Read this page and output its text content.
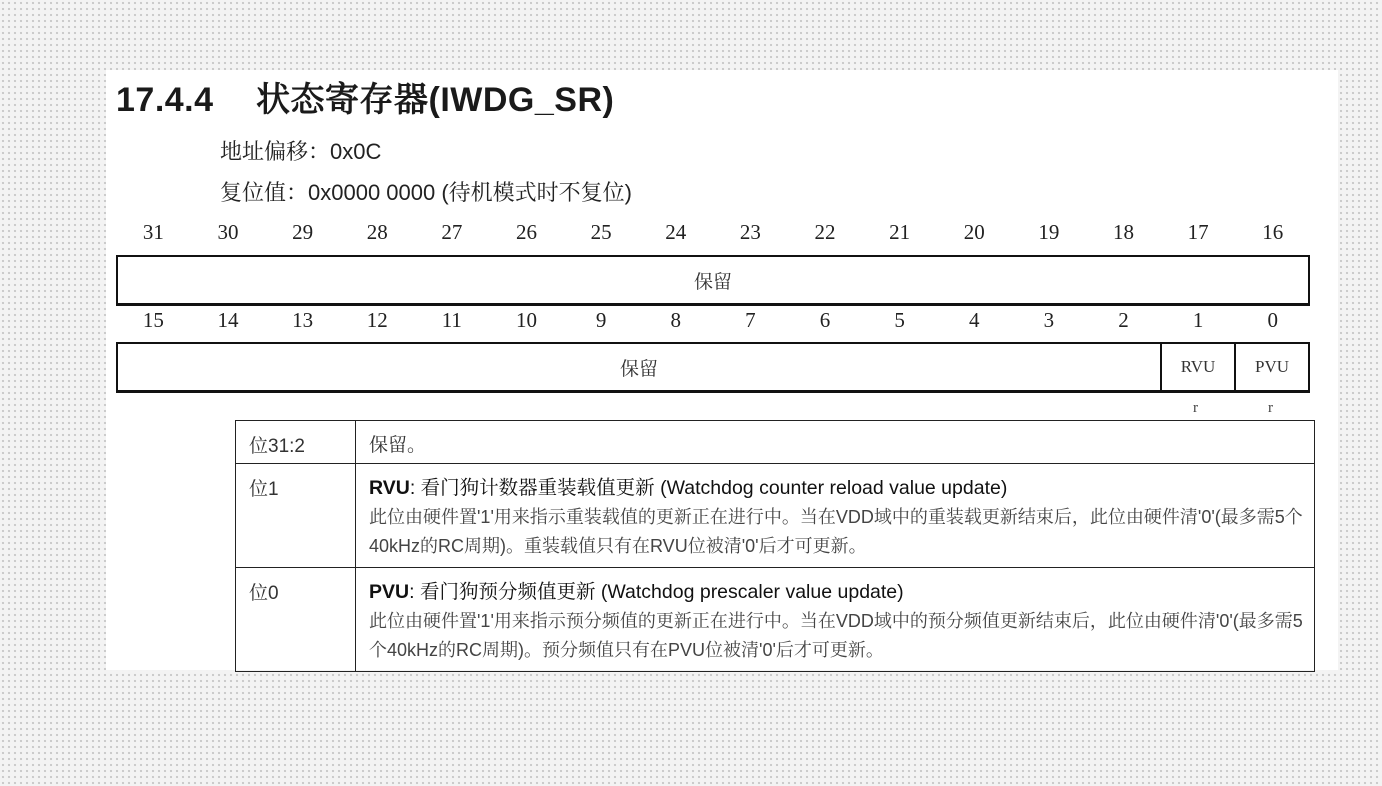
17.4.4 状态寄存器(IWDG_SR)
地址偏移：0x0C
复位值：0x0000 0000 (待机模式时不复位)
31	30	29	28	27	26	25	24	23	22	21	20	19	18	17	16
保留
15	14	13	12	11	10	9	8	7	6	5	4	3	2	1	0
保留	RVU	PVU
r	r
位31:2	保留。
位1	RVU: 看门狗计数器重装载值更新 (Watchdog counter reload value update)
此位由硬件置'1'用来指示重装载值的更新正在进行中。当在VDD域中的重装载更新结束后，此位由硬件清'0'(最多需5个40kHz的RC周期)。重装载值只有在RVU位被清'0'后才可更新。

位0	PVU: 看门狗预分频值更新 (Watchdog prescaler value update)
此位由硬件置'1'用来指示预分频值的更新正在进行中。当在VDD域中的预分频值更新结束后，此位由硬件清'0'(最多需5个40kHz的RC周期)。预分频值只有在PVU位被清'0'后才可更新。
